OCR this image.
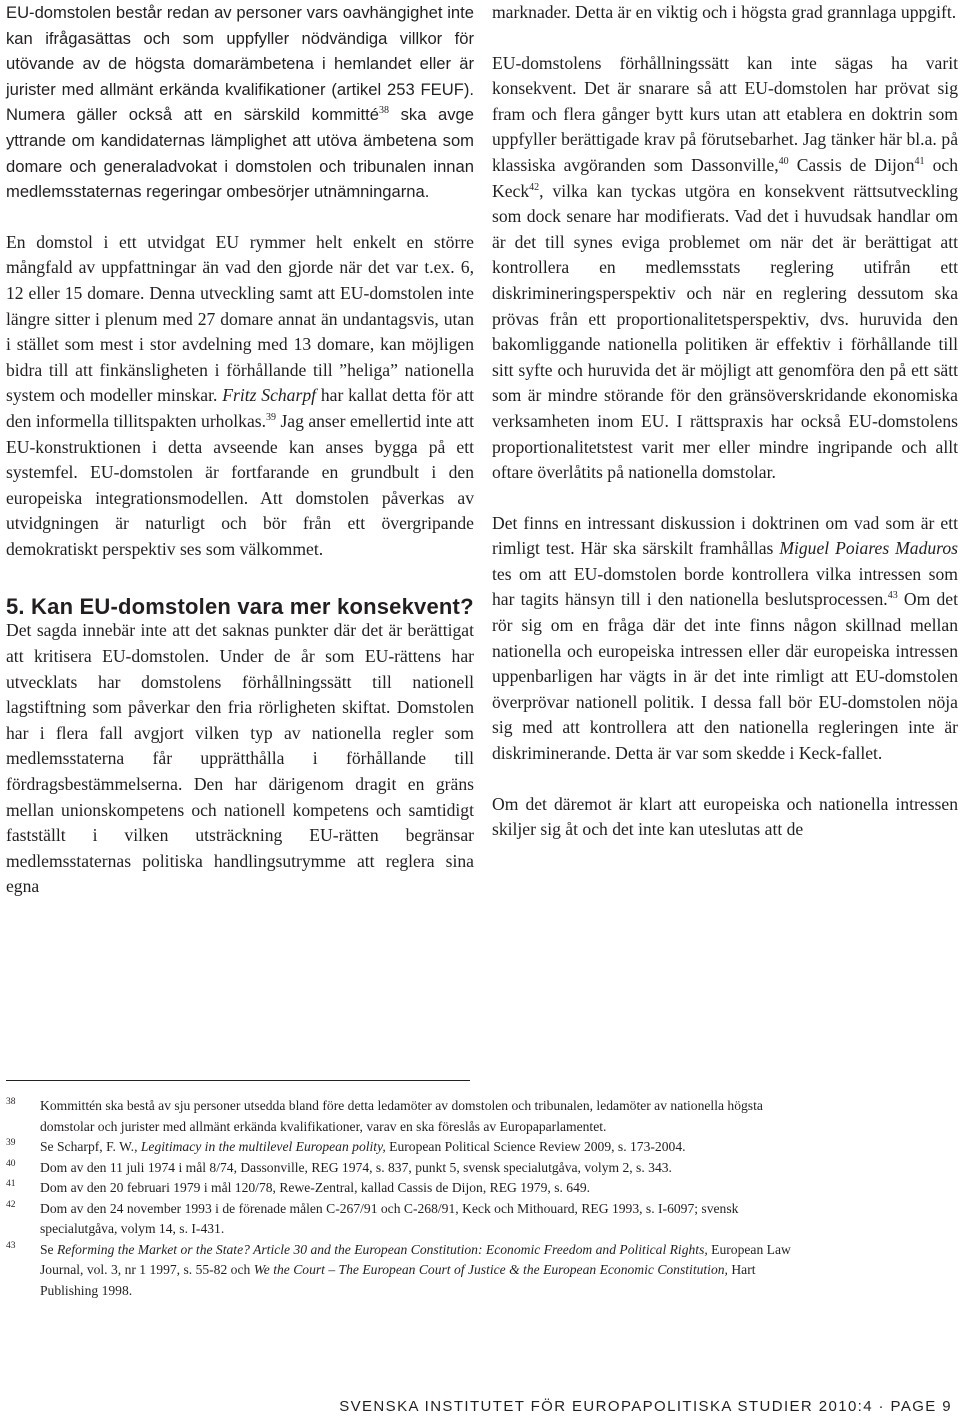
EU-domstolen består redan av personer vars oavhängighet inte kan ifrågasättas och som uppfyller nödvändiga villkor för utövande av de högsta domarämbetena i hemlandet eller är jurister med allmänt erkända kvalifikationer (artikel 253 FEUF). Numera gäller också att en särskild kommitté$^{38}$ ska avge yttrande om kandidaternas lämplighet att utöva ämbetena som domare och generaladvokat i domstolen och tribunalen innan medlemsstaternas regeringar ombesörjer utnämningarna.

En domstol i ett utvidgat EU rymmer helt enkelt en större mångfald av uppfattningar än vad den gjorde när det var t.ex. 6, 12 eller 15 domare. Denna utveckling samt att EU-domstolen inte längre sitter i plenum med 27 domare annat än undantagsvis, utan i stället som mest i stor avdelning med 13 domare, kan möjligen bidra till att finkänsligheten i förhållande till ”heliga” nationella system och modeller minskar. Fritz Scharpf har kallat detta för att den informella tillitspakten urholkas.$^{39}$ Jag anser emellertid inte att EU-konstruktionen i detta avseende kan anses bygga på ett systemfel. EU-domstolen är fortfarande en grundbult i den europeiska integrationsmodellen. Att domstolen påverkas av utvidgningen är naturligt och bör från ett övergripande demokratiskt perspektiv ses som välkommet.

5. Kan EU-domstolen vara mer konsekvent?

Det sagda innebär inte att det saknas punkter där det är berättigat att kritisera EU-domstolen. Under de år som EU-rättens har utvecklats har domstolens förhållningssätt till nationell lagstiftning som påverkar den fria rörligheten skiftat. Domstolen har i flera fall avgjort vilken typ av nationella regler som medlemsstaterna får upprätthålla i förhållande till fördragsbestämmelserna. Den har därigenom dragit en gräns mellan unionskompetens och nationell kompetens och samtidigt fastställt i vilken utsträckning EU-rätten begränsar medlemsstaternas politiska handlingsutrymme att reglera sina egna

marknader. Detta är en viktig och i högsta grad grannlaga uppgift.

EU-domstolens förhållningssätt kan inte sägas ha varit konsekvent. Det är snarare så att EU-domstolen har prövat sig fram och flera gånger bytt kurs utan att etablera en doktrin som uppfyller berättigade krav på förutsebarhet. Jag tänker här bl.a. på klassiska avgöranden som Dassonville,$^{40}$ Cassis de Dijon$^{41}$ och Keck$^{42}$, vilka kan tyckas utgöra en konsekvent rättsutveckling som dock senare har modifierats. Vad det i huvudsak handlar om är det till synes eviga problemet om när det är berättigat att kontrollera en medlemsstats reglering utifrån ett diskrimineringsperspektiv och när en reglering dessutom ska prövas från ett proportionalitetsperspektiv, dvs. huruvida den bakomliggande nationella politiken är effektiv i förhållande till sitt syfte och huruvida det är möjligt att genomföra den på ett sätt som är mindre störande för den gränsöverskridande ekonomiska verksamheten inom EU. I rättspraxis har också EU-domstolens proportionalitetstest varit mer eller mindre ingripande och allt oftare överlåtits på nationella domstolar.

Det finns en intressant diskussion i doktrinen om vad som är ett rimligt test. Här ska särskilt framhållas Miguel Poiares Maduros tes om att EU-domstolen borde kontrollera vilka intressen som har tagits hänsyn till i den nationella beslutsprocessen.$^{43}$ Om det rör sig om en fråga där det inte finns någon skillnad mellan nationella och europeiska intressen eller där europeiska intressen uppenbarligen har vägts in är det inte rimligt att EU-domstolen överprövar nationell politik. I dessa fall bör EU-domstolen nöja sig med att kontrollera att den nationella regleringen inte är diskriminerande. Detta är var som skedde i Keck-fallet.

Om det däremot är klart att europeiska och nationella intressen skiljer sig åt och det inte kan uteslutas att de

38 Kommittén ska bestå av sju personer utsedda bland före detta ledamöter av domstolen och tribunalen, ledamöter av nationella högsta domstolar och jurister med allmänt erkända kvalifikationer, varav en ska föreslås av Europaparlamentet.
39 Se Scharpf, F. W., Legitimacy in the multilevel European polity, European Political Science Review 2009, s. 173-2004.
40 Dom av den 11 juli 1974 i mål 8/74, Dassonville, REG 1974, s. 837, punkt 5, svensk specialutgåva, volym 2, s. 343.
41 Dom av den 20 februari 1979 i mål 120/78, Rewe-Zentral, kallad Cassis de Dijon, REG 1979, s. 649.
42 Dom av den 24 november 1993 i de förenade målen C-267/91 och C-268/91, Keck och Mithouard, REG 1993, s. I-6097; svensk specialutgåva, volym 14, s. I-431.
43 Se Reforming the Market or the State? Article 30 and the European Constitution: Economic Freedom and Political Rights, European Law Journal, vol. 3, nr 1 1997, s. 55-82 och We the Court – The European Court of Justice & the European Economic Constitution, Hart Publishing 1998.
SVENSKA INSTITUTET FÖR EUROPAPOLITISKA STUDIER 2010:4 · PAGE 9
